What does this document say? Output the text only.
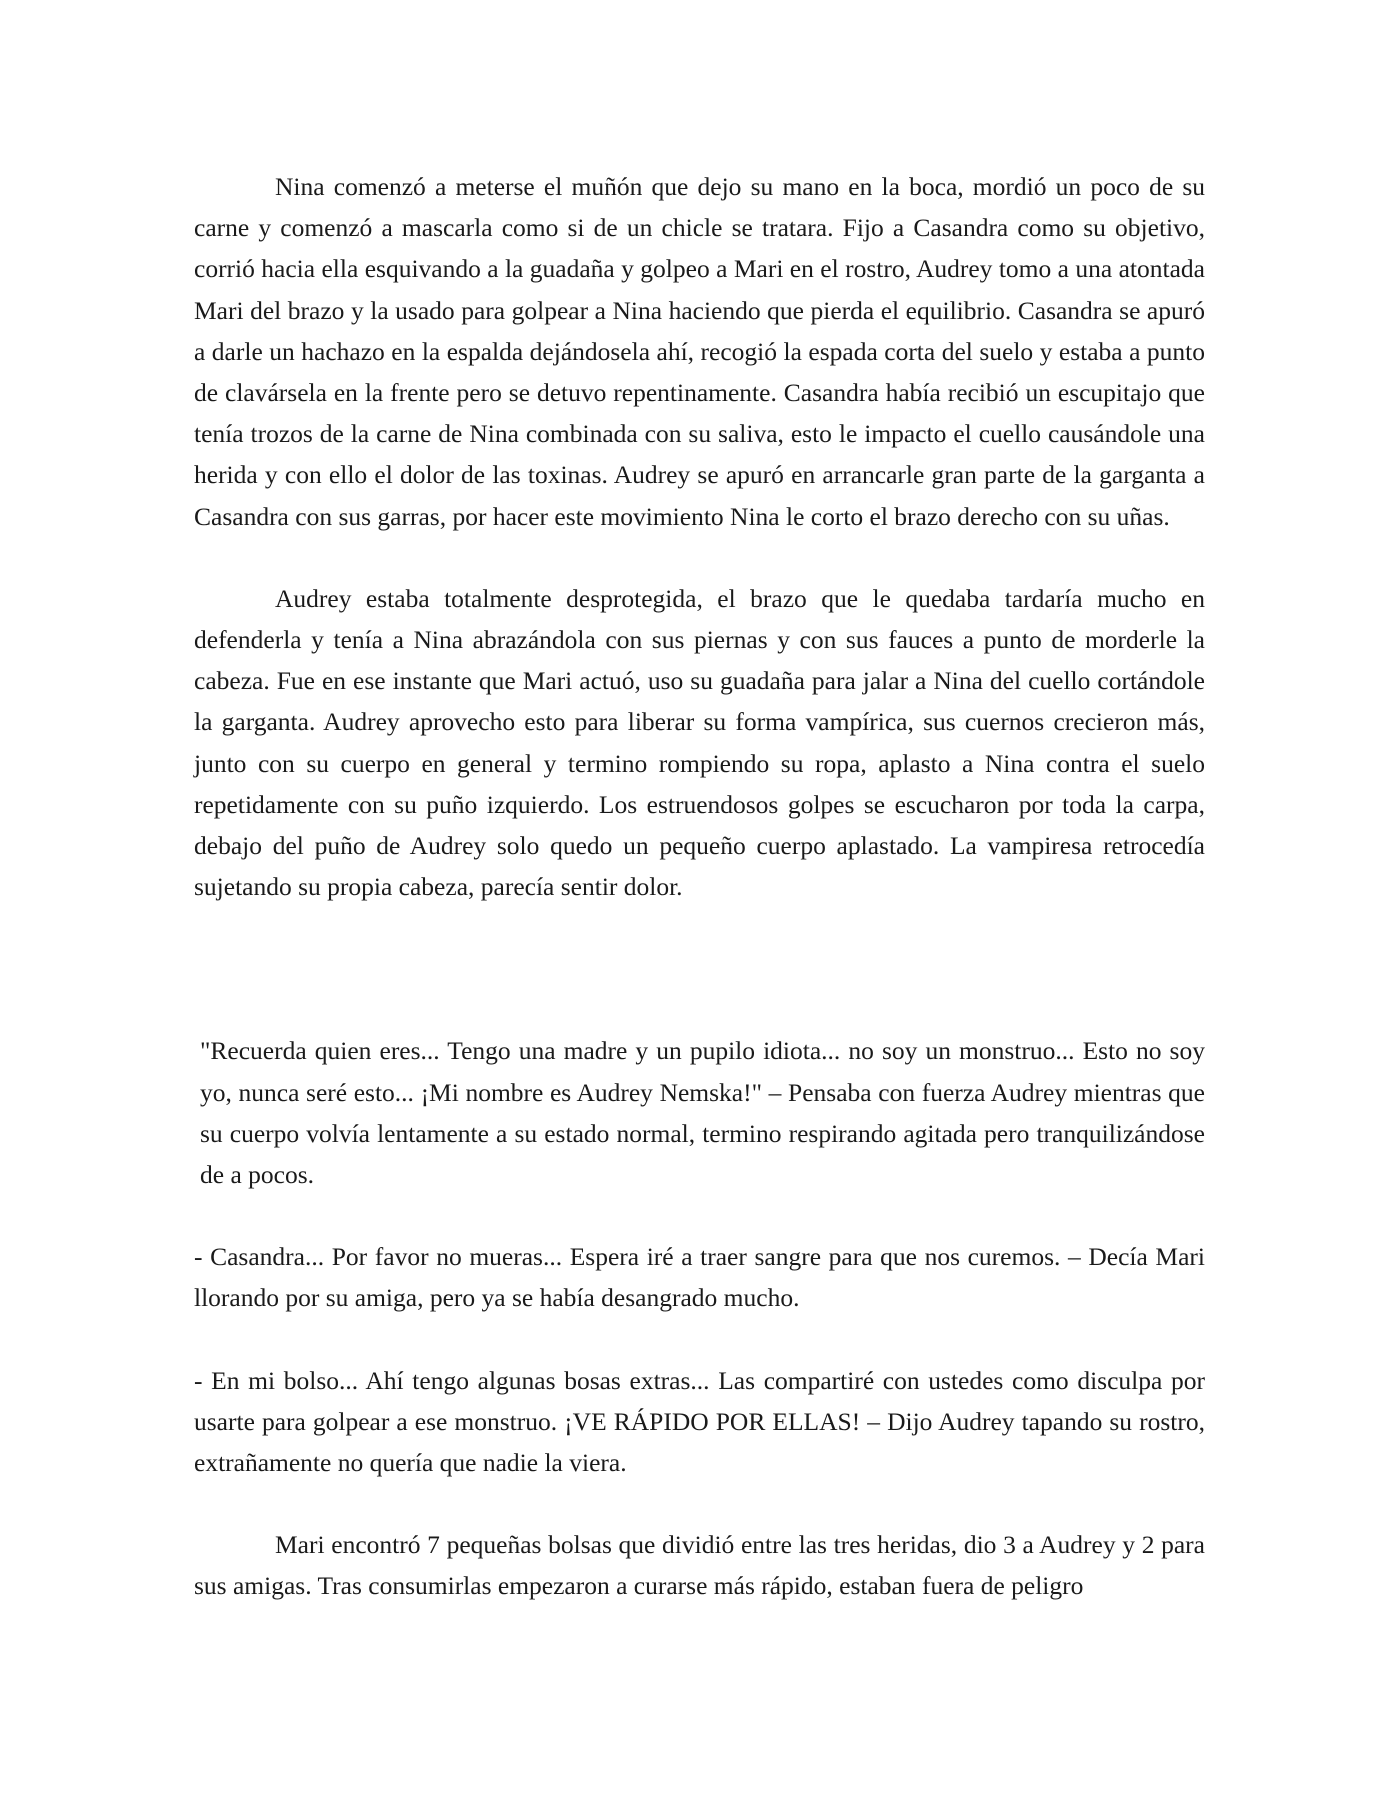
Nina comenzó a meterse el muñón que dejo su mano en la boca, mordió un poco de su carne y comenzó a mascarla como si de un chicle se tratara. Fijo a Casandra como su objetivo, corrió hacia ella esquivando a la guadaña y golpeo a Mari en el rostro, Audrey tomo a una atontada Mari del brazo y la usado para golpear a Nina haciendo que pierda el equilibrio. Casandra se apuró a darle un hachazo en la espalda dejándosela ahí, recogió la espada corta del suelo y estaba a punto de clavársela en la frente pero se detuvo repentinamente. Casandra había recibió un escupitajo que tenía trozos de la carne de Nina combinada con su saliva, esto le impacto el cuello causándole una herida y con ello el dolor de las toxinas. Audrey se apuró en arrancarle gran parte de la garganta a Casandra con sus garras, por hacer este movimiento Nina le corto el brazo derecho con su uñas.

Audrey estaba totalmente desprotegida, el brazo que le quedaba tardaría mucho en defenderla y tenía a Nina abrazándola con sus piernas y con sus fauces a punto de morderle la cabeza. Fue en ese instante que Mari actuó, uso su guadaña para jalar a Nina del cuello cortándole la garganta. Audrey aprovecho esto para liberar su forma vampírica, sus cuernos crecieron más, junto con su cuerpo en general y termino rompiendo su ropa, aplasto a Nina contra el suelo repetidamente con su puño izquierdo. Los estruendosos golpes se escucharon por toda la carpa, debajo del puño de Audrey solo quedo un pequeño cuerpo aplastado. La vampiresa retrocedía sujetando su propia cabeza, parecía sentir dolor.

"Recuerda quien eres... Tengo una madre y un pupilo idiota... no soy un monstruo... Esto no soy yo, nunca seré esto... ¡Mi nombre es Audrey Nemska!" – Pensaba con fuerza Audrey mientras que su cuerpo volvía lentamente a su estado normal, termino respirando agitada pero tranquilizándose de a pocos.

- Casandra... Por favor no mueras... Espera iré a traer sangre para que nos curemos. – Decía Mari llorando por su amiga, pero ya se había desangrado mucho.

- En mi bolso... Ahí tengo algunas bosas extras... Las compartiré con ustedes como disculpa por usarte para golpear a ese monstruo. ¡VE RÁPIDO POR ELLAS! – Dijo Audrey tapando su rostro, extrañamente no quería que nadie la viera.

Mari encontró 7 pequeñas bolsas que dividió entre las tres heridas, dio 3 a Audrey y 2 para sus amigas. Tras consumirlas empezaron a curarse más rápido, estaban fuera de peligro
